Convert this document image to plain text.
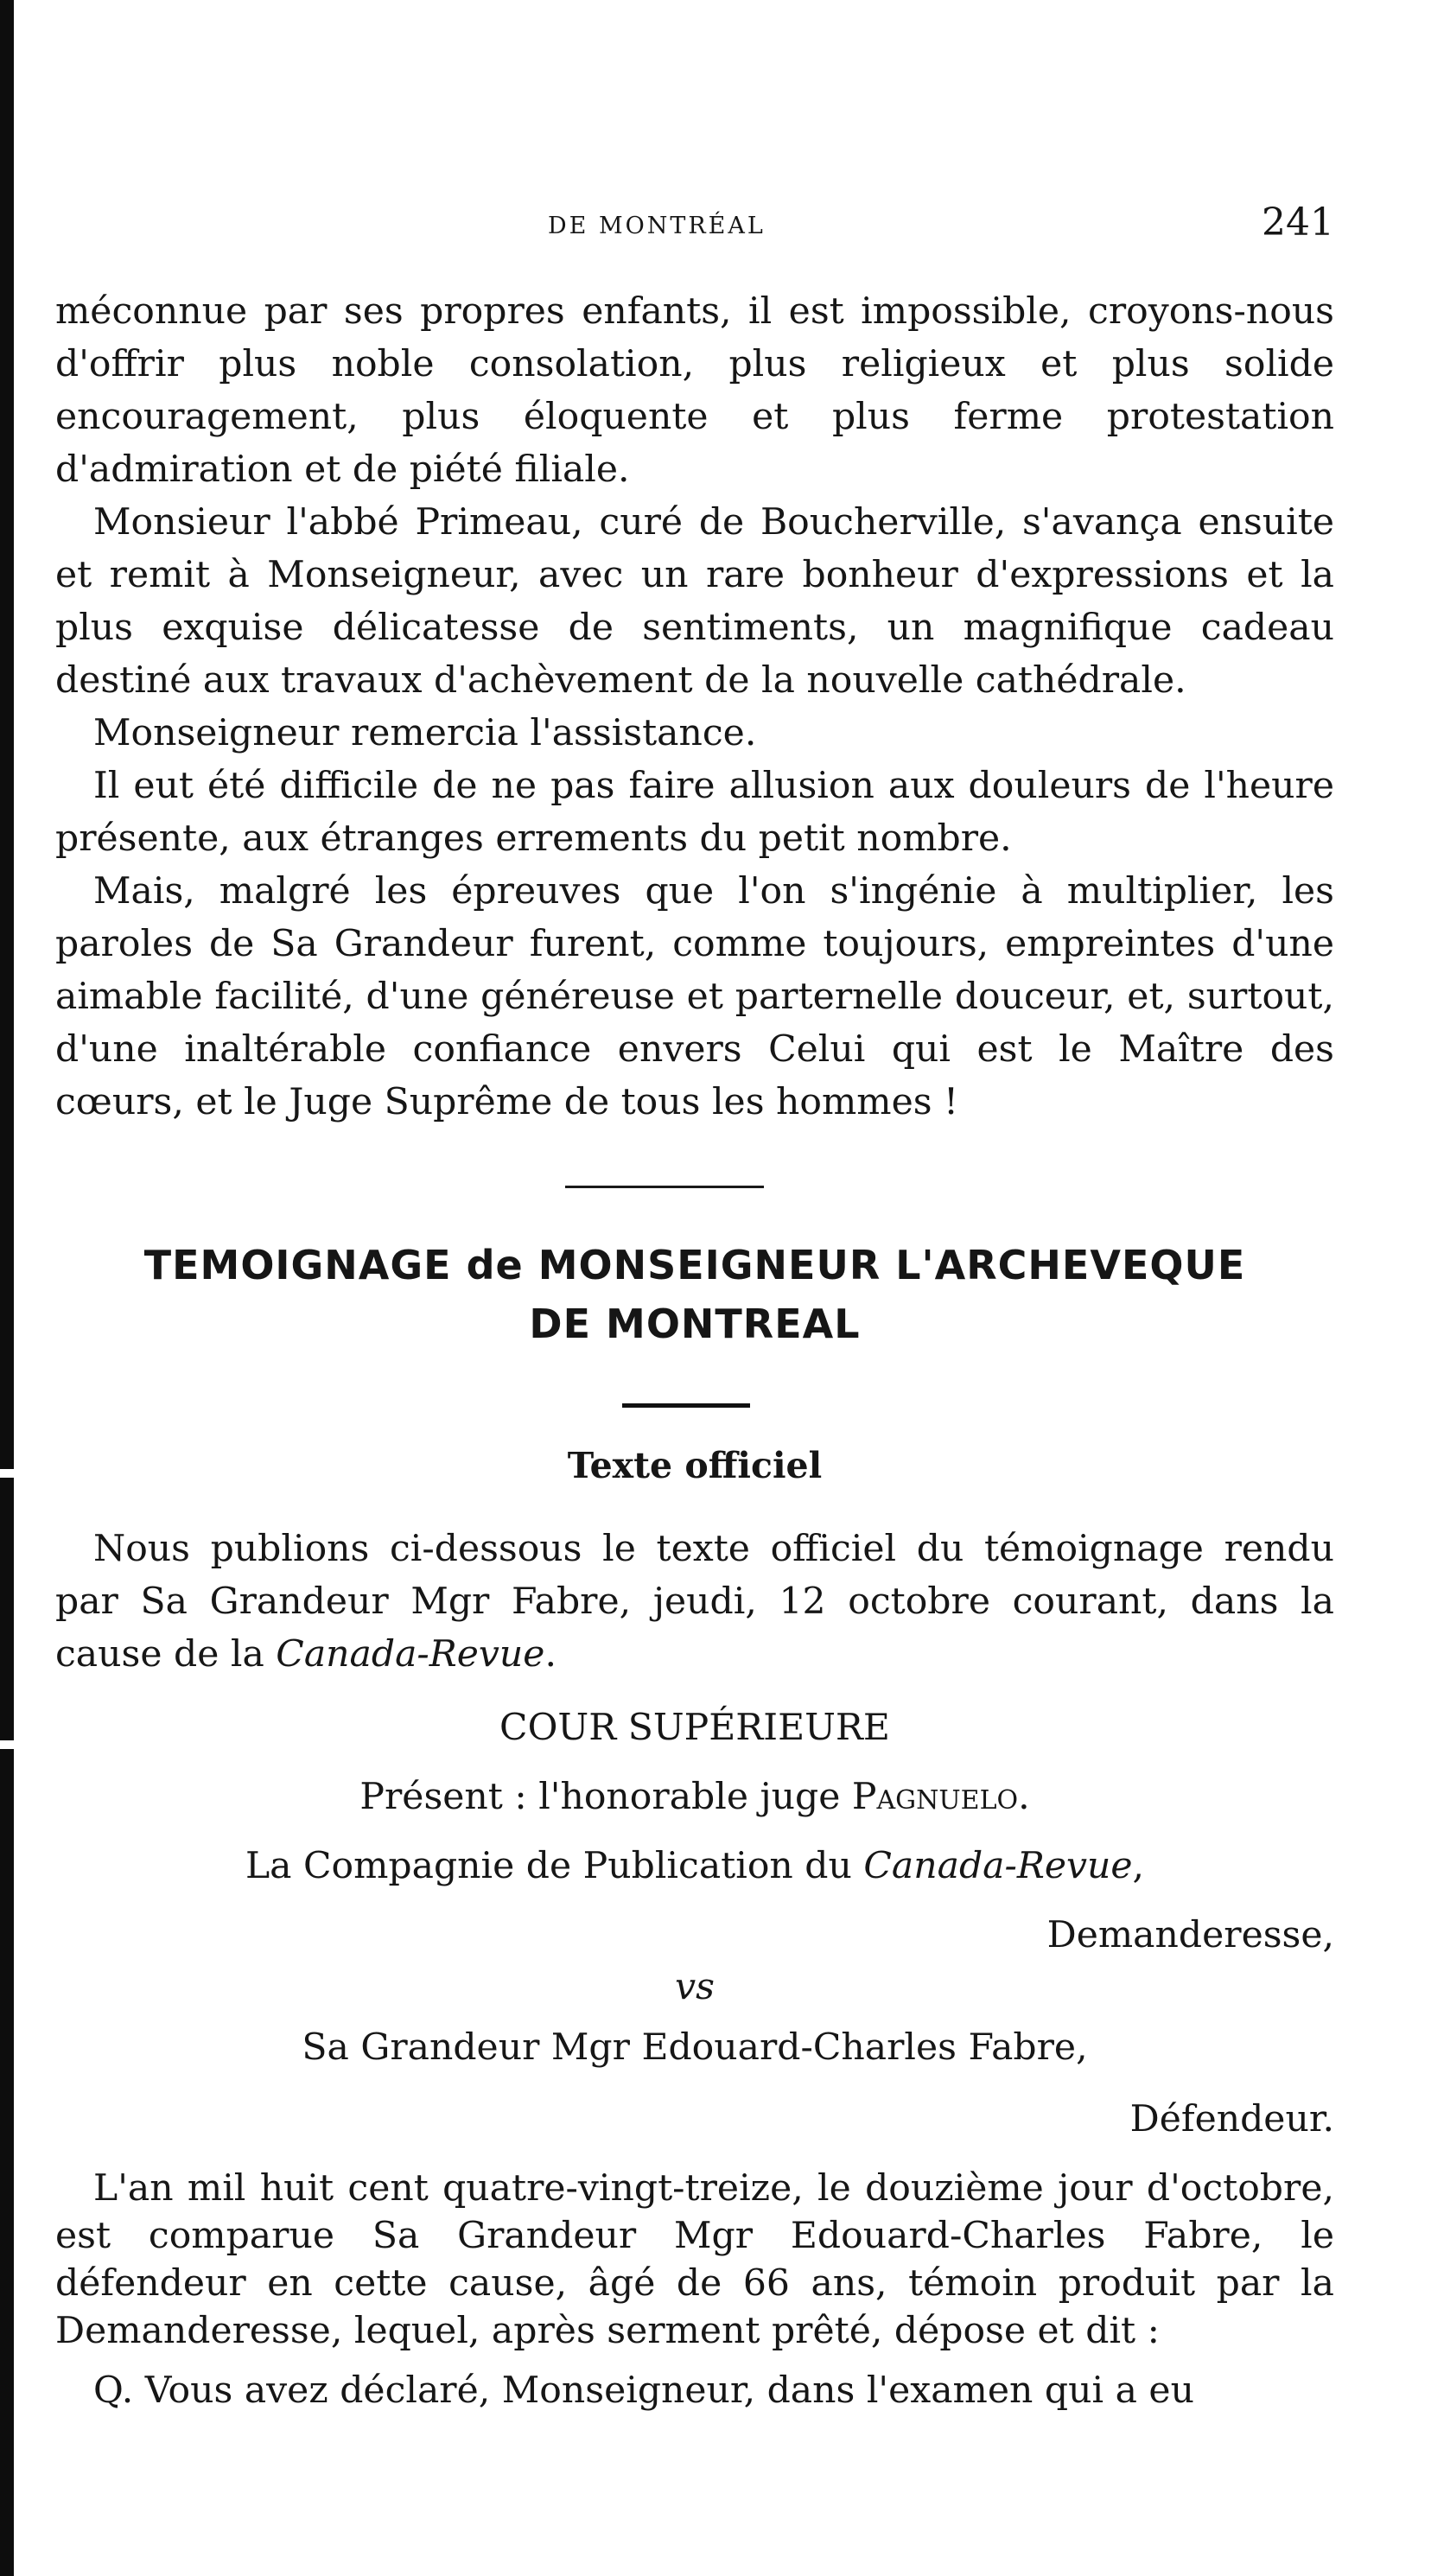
DE MONTRÉAL	241

méconnue par ses propres enfants, il est impossible, croyons-nous d'offrir plus noble consolation, plus religieux et plus solide encouragement, plus éloquente et plus ferme protestation d'admiration et de piété filiale.

Monsieur l'abbé Primeau, curé de Boucherville, s'avança ensuite et remit à Monseigneur, avec un rare bonheur d'expressions et la plus exquise délicatesse de sentiments, un magnifique cadeau destiné aux travaux d'achèvement de la nouvelle cathédrale.

Monseigneur remercia l'assistance.

Il eut été difficile de ne pas faire allusion aux douleurs de l'heure présente, aux étranges errements du petit nombre.

Mais, malgré les épreuves que l'on s'ingénie à multiplier, les paroles de Sa Grandeur furent, comme toujours, empreintes d'une aimable facilité, d'une généreuse et parternelle douceur, et, surtout, d'une inaltérable confiance envers Celui qui est le Maître des cœurs, et le Juge Suprême de tous les hommes !

TEMOIGNAGE de MONSEIGNEUR L'ARCHEVEQUE
DE MONTREAL
Texte officiel

Nous publions ci-dessous le texte officiel du témoignage rendu par Sa Grandeur Mgr Fabre, jeudi, 12 octobre courant, dans la cause de la Canada-Revue.

COUR SUPÉRIEURE
Présent : l'honorable juge Pagnuelo.
La Compagnie de Publication du Canada-Revue,
Demanderesse,
vs
Sa Grandeur Mgr Edouard-Charles Fabre,
Défendeur.

L'an mil huit cent quatre-vingt-treize, le douzième jour d'octobre, est comparue Sa Grandeur Mgr Edouard-Charles Fabre, le défendeur en cette cause, âgé de 66 ans, témoin produit par la Demanderesse, lequel, après serment prêté, dépose et dit :

Q. Vous avez déclaré, Monseigneur, dans l'examen qui a eu
